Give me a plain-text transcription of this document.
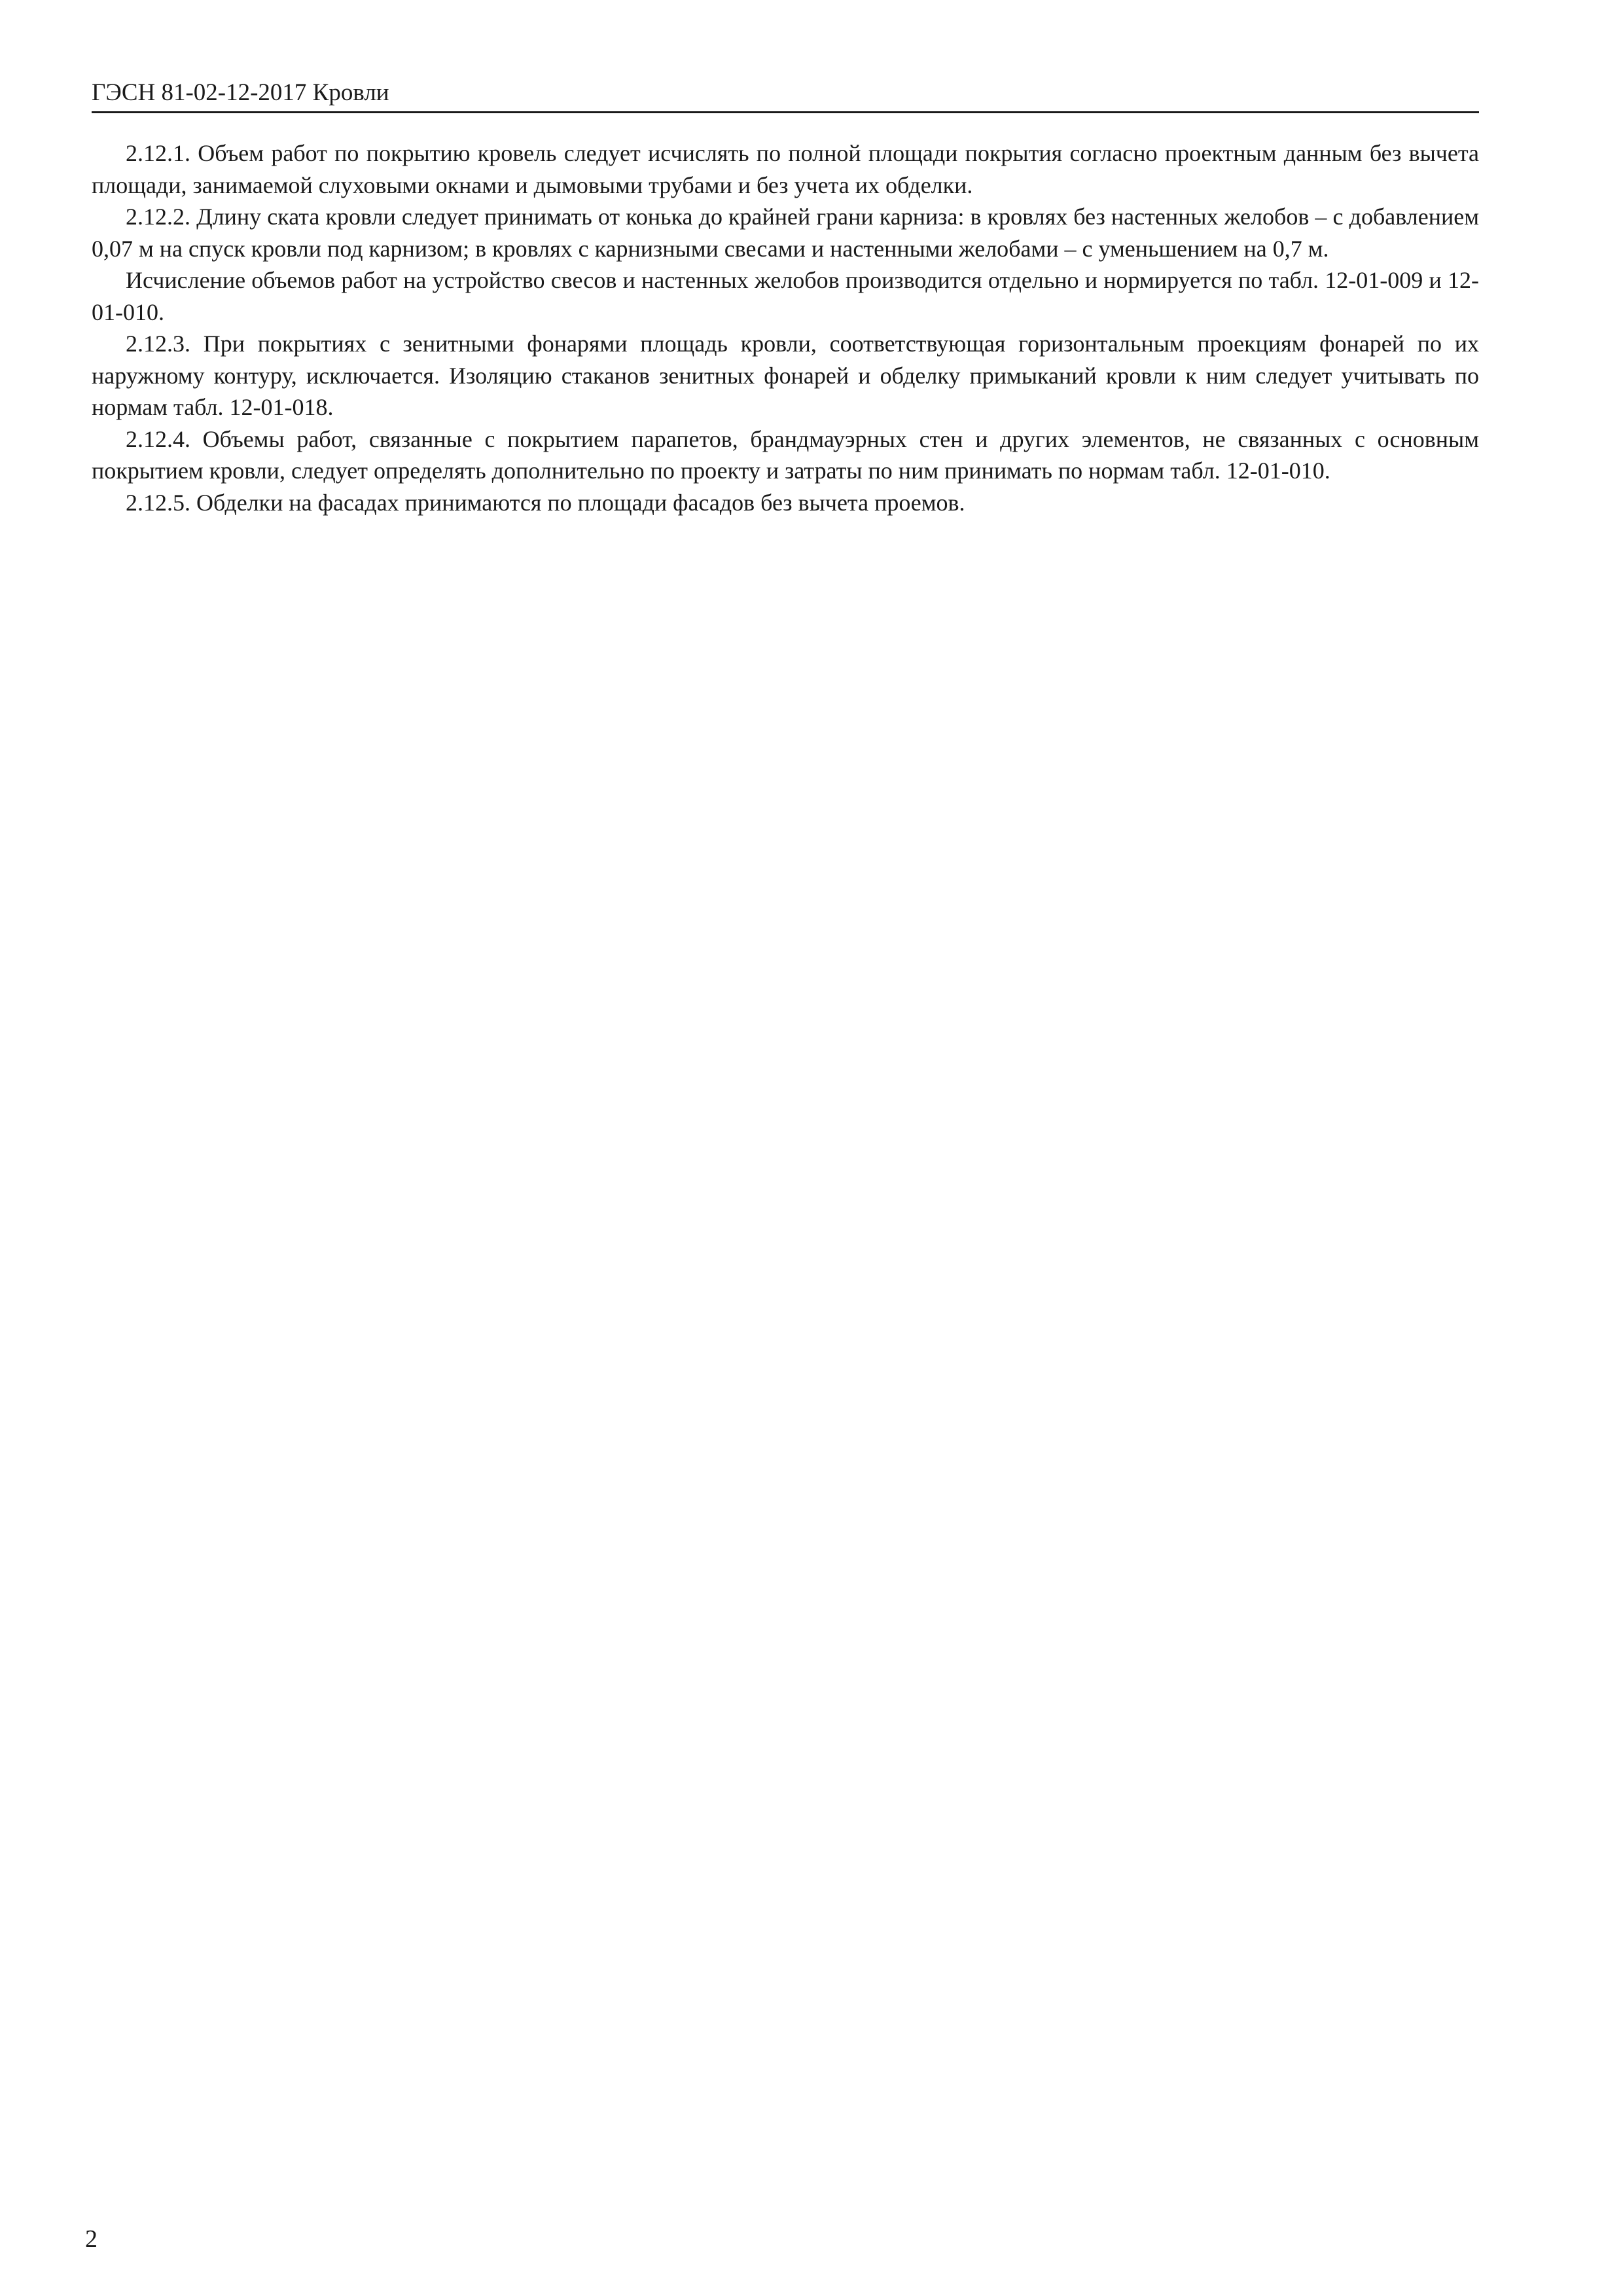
ГЭСН 81-02-12-2017 Кровли

2.12.1. Объем работ по покрытию кровель следует исчислять по полной площади покрытия согласно проектным данным без вычета площади, занимаемой слуховыми окнами и дымовыми трубами и без учета их обделки.

2.12.2. Длину ската кровли следует принимать от конька до крайней грани карниза: в кровлях без настенных желобов – с добавлением 0,07 м на спуск кровли под карнизом; в кровлях с карнизными свесами и настенными желобами – с уменьшением на 0,7 м.

Исчисление объемов работ на устройство свесов и настенных желобов производится отдельно и нормируется по табл. 12-01-009 и 12-01-010.

2.12.3. При покрытиях с зенитными фонарями площадь кровли, соответствующая горизонтальным проекциям фонарей по их наружному контуру, исключается. Изоляцию стаканов зенитных фонарей и обделку примыканий кровли к ним следует учитывать по нормам табл. 12-01-018.

2.12.4. Объемы работ, связанные с покрытием парапетов, брандмауэрных стен и других элементов, не связанных с основным покрытием кровли, следует определять дополнительно по проекту и затраты по ним принимать по нормам табл. 12-01-010.

2.12.5. Обделки на фасадах принимаются по площади фасадов без вычета проемов.

2
